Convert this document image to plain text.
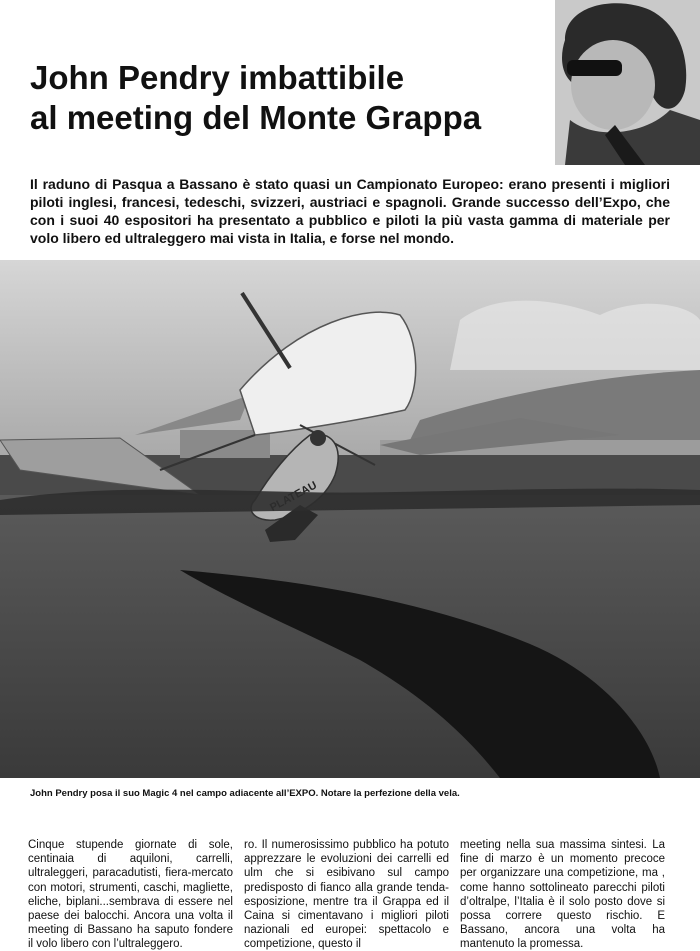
John Pendry imbattibile
al meeting del Monte Grappa

Il raduno di Pasqua a Bassano è stato quasi un Campionato Europeo: erano presenti i migliori piloti inglesi, francesi, tedeschi, svizzeri, austriaci e spagnoli. Grande successo dell’Expo, che con i suoi 40 espositori ha presentato a pubblico e piloti la più vasta gamma di materiale per volo libero ed ultraleggero mai vista in Italia, e forse nel mondo.

John Pendry posa il suo Magic 4 nel campo adiacente all’EXPO. Notare la perfezione della vela.

Cinque stupende giornate di sole, centinaia di aquiloni, carrelli, ultraleggeri, paracadutisti, fiera-mercato con motori, strumenti, caschi, magliette, eliche, biplani...sembrava di essere nel paese dei balocchi. Ancora una volta il meeting di Bassano ha saputo fondere il volo libero con l’ultraleggero.

ro. Il numerosissimo pubblico ha potuto apprezzare le evoluzioni dei carrelli ed ulm che si esibivano sul campo predisposto di fianco alla grande tenda-esposizione, mentre tra il Grappa ed il Caina si cimentavano i migliori piloti nazionali ed europei: spettacolo e competizione, questo il

meeting nella sua massima sintesi. La fine di marzo è un momento precoce per organizzare una competizione, ma , come hanno sottolineato parecchi piloti d’oltralpe, l’Italia è il solo posto dove si possa correre questo rischio. E Bassano, ancora una volta ha mantenuto la promessa.
